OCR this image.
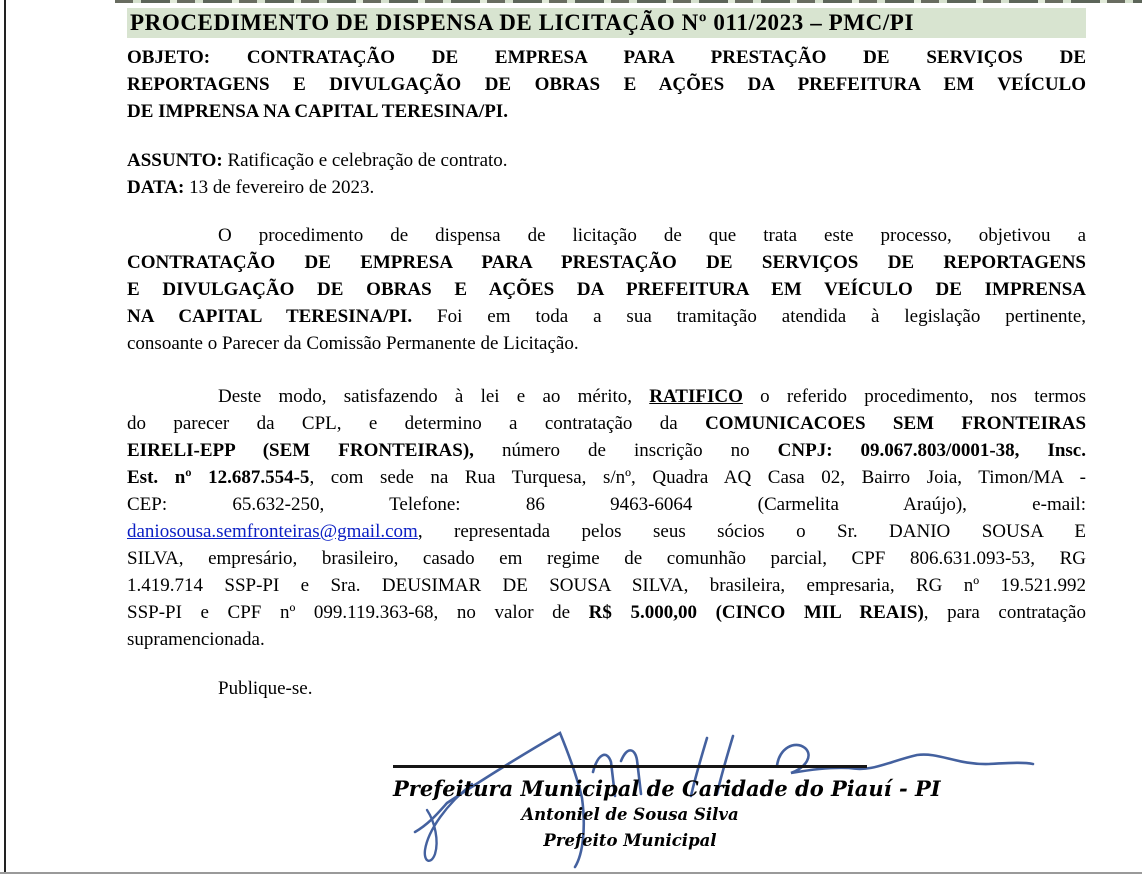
PROCEDIMENTO DE DISPENSA DE LICITAÇÃO Nº 011/2023 – PMC/PI
OBJETO: CONTRATAÇÃO DE EMPRESA PARA PRESTAÇÃO DE SERVIÇOS DE
REPORTAGENS E DIVULGAÇÃO DE OBRAS E AÇÕES DA PREFEITURA EM VEÍCULO
DE IMPRENSA NA CAPITAL TERESINA/PI.
ASSUNTO: Ratificação e celebração de contrato.
DATA: 13 de fevereiro de 2023.
O procedimento de dispensa de licitação de que trata este processo, objetivou a
CONTRATAÇÃO DE EMPRESA PARA PRESTAÇÃO DE SERVIÇOS DE REPORTAGENS
E DIVULGAÇÃO DE OBRAS E AÇÕES DA PREFEITURA EM VEÍCULO DE IMPRENSA
NA CAPITAL TERESINA/PI. Foi em toda a sua tramitação atendida à legislação pertinente,
consoante o Parecer da Comissão Permanente de Licitação.
Deste modo, satisfazendo à lei e ao mérito, RATIFICO o referido procedimento, nos termos
do parecer da CPL, e determino a contratação da COMUNICACOES SEM FRONTEIRAS
EIRELI-EPP (SEM FRONTEIRAS), número de inscrição no CNPJ: 09.067.803/0001-38, Insc.
Est. nº 12.687.554-5, com sede na Rua Turquesa, s/nº, Quadra AQ Casa 02, Bairro Joia, Timon/MA -
CEP: 65.632-250, Telefone: 86 9463-6064 (Carmelita Araújo), e-mail:
daniosousa.semfronteiras@gmail.com, representada pelos seus sócios o Sr. DANIO SOUSA E
SILVA, empresário, brasileiro, casado em regime de comunhão parcial, CPF 806.631.093-53, RG
1.419.714 SSP-PI e Sra. DEUSIMAR DE SOUSA SILVA, brasileira, empresaria, RG nº 19.521.992
SSP-PI e CPF nº 099.119.363-68, no valor de R$ 5.000,00 (CINCO MIL REAIS), para contratação
supramencionada.
Publique-se.
Prefeitura Municipal de Caridade do Piauí - PI
Antoniel de Sousa Silva
Prefeito Municipal
